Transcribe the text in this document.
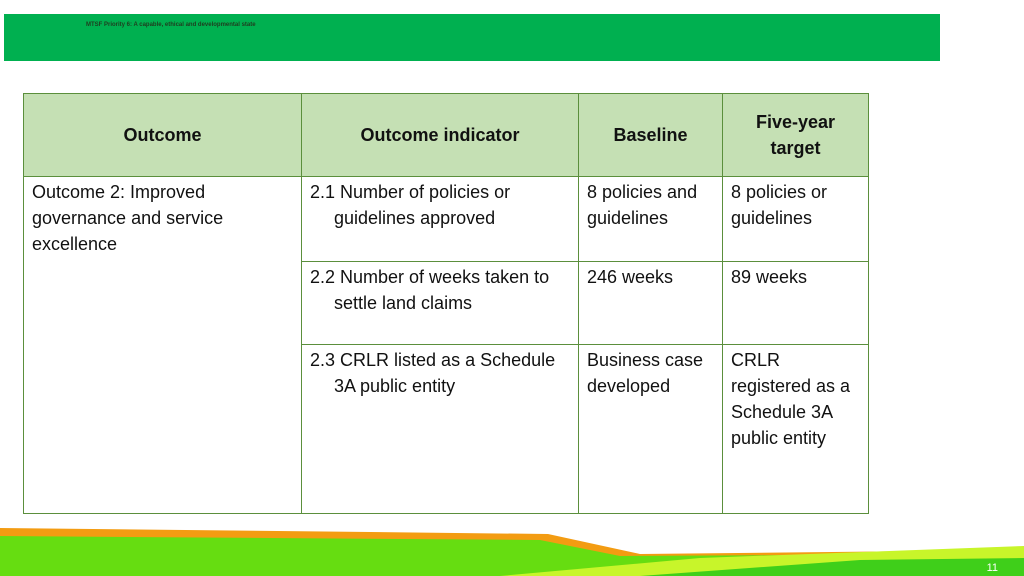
MTSF Priority 6: A capable, ethical and developmental state
Outcome	Outcome indicator	Baseline	Five-year target
Outcome 2: Improved governance and service excellence	2.1 Number of policies or guidelines approved	8 policies and guidelines	8 policies or guidelines

	2.2 Number of weeks taken to settle land claims	246 weeks	89 weeks

	2.3 CRLR listed as a Schedule 3A public entity	Business case developed	CRLR registered as a Schedule 3A public entity
11
